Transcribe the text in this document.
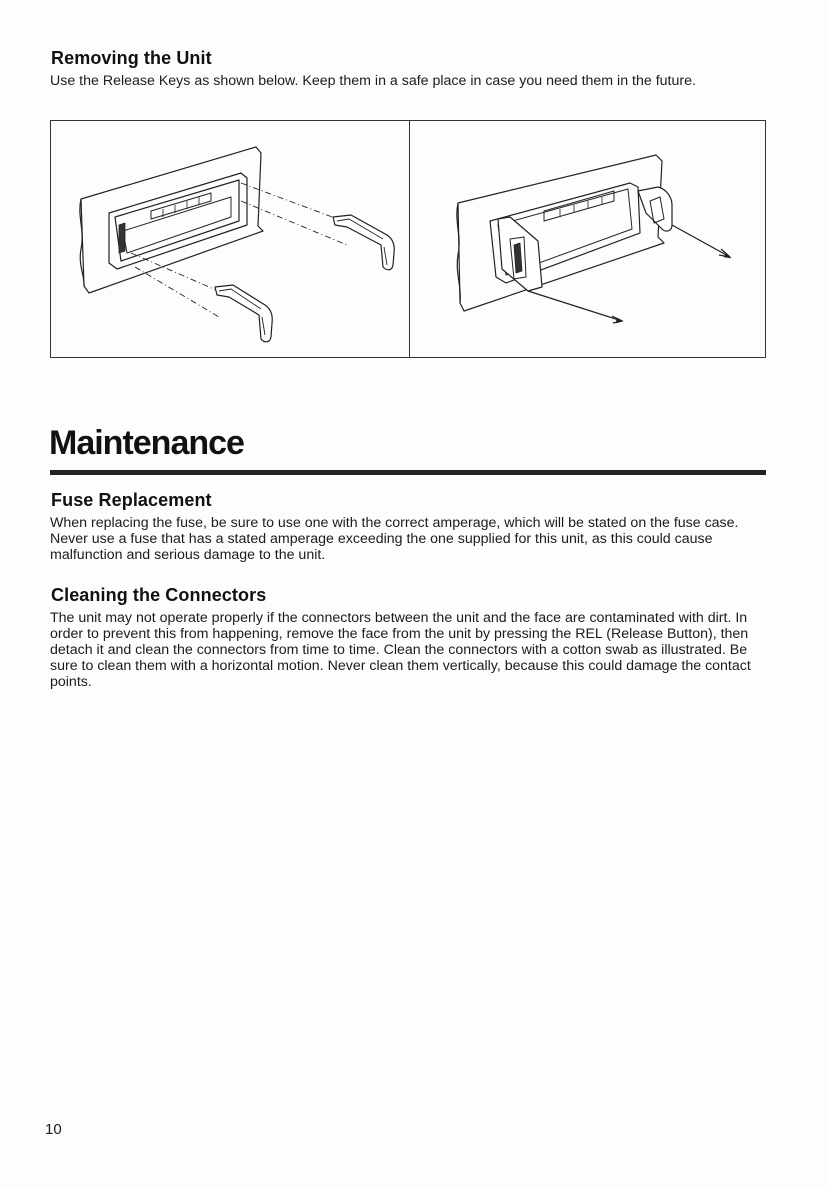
Removing the Unit

Use the Release Keys as shown below. Keep them in a safe place in case you need them in the future.

Maintenance
Fuse Replacement

When replacing the fuse, be sure to use one with the correct amperage, which will be stated on the fuse case. Never use a fuse that has a stated amperage exceeding the one supplied for this unit, as this could cause malfunction and serious damage to the unit.

Cleaning the Connectors

The unit may not operate properly if the connectors between the unit and the face are contaminated with dirt. In order to prevent this from happening, remove the face from the unit by pressing the REL (Release Button), then detach it and clean the connectors from time to time. Clean the connectors with a cotton swab as illustrated. Be sure to clean them with a horizontal motion. Never clean them vertically, because this could damage the contact points.

10
